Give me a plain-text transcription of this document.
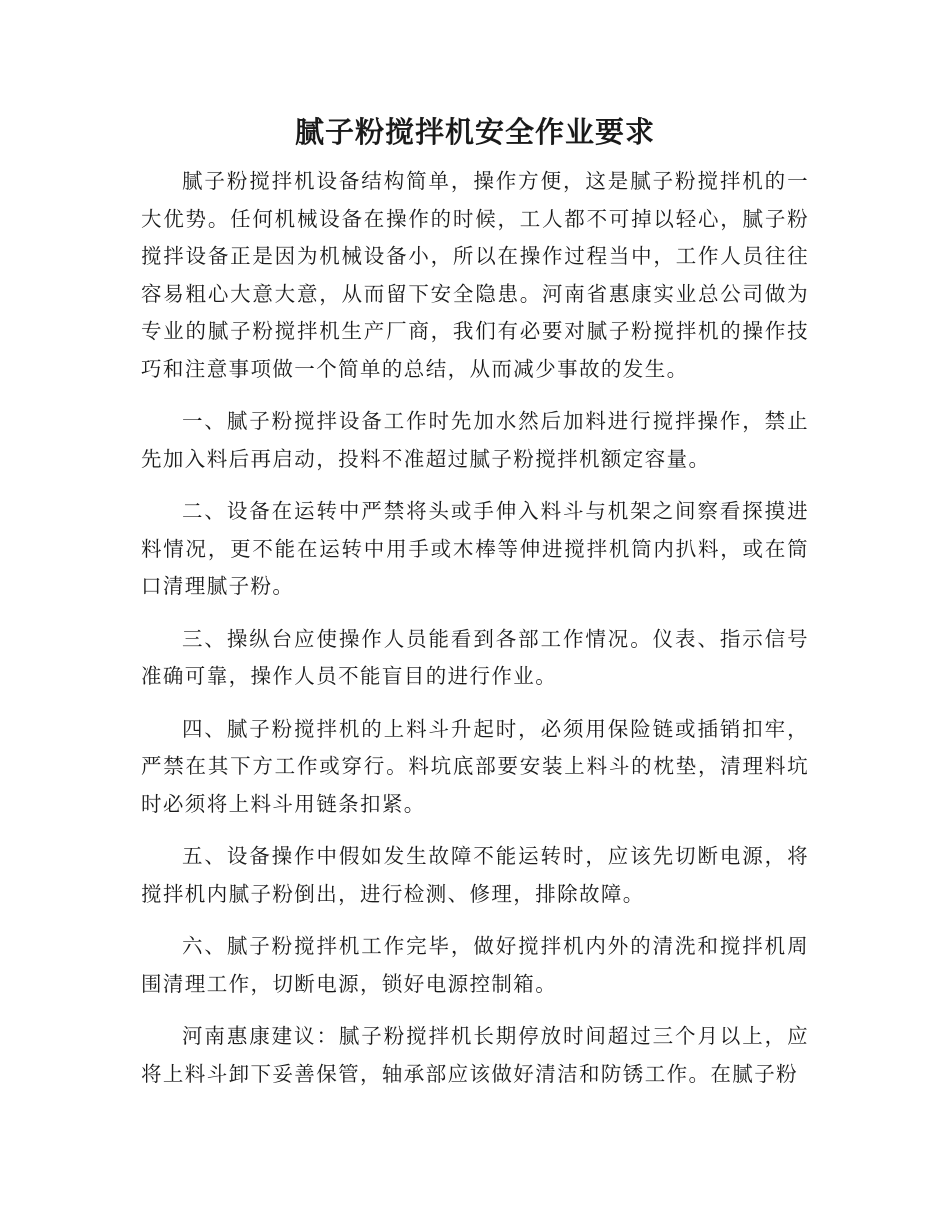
腻子粉搅拌机安全作业要求

腻子粉搅拌机设备结构简单，操作方便，这是腻子粉搅拌机的一大优势。任何机械设备在操作的时候，工人都不可掉以轻心，腻子粉搅拌设备正是因为机械设备小，所以在操作过程当中，工作人员往往容易粗心大意大意，从而留下安全隐患。河南省惠康实业总公司做为专业的腻子粉搅拌机生产厂商，我们有必要对腻子粉搅拌机的操作技巧和注意事项做一个简单的总结，从而减少事故的发生。

一、腻子粉搅拌设备工作时先加水然后加料进行搅拌操作，禁止先加入料后再启动，投料不准超过腻子粉搅拌机额定容量。

二、设备在运转中严禁将头或手伸入料斗与机架之间察看探摸进料情况，更不能在运转中用手或木棒等伸进搅拌机筒内扒料，或在筒口清理腻子粉。

三、操纵台应使操作人员能看到各部工作情况。仪表、指示信号准确可靠，操作人员不能盲目的进行作业。

四、腻子粉搅拌机的上料斗升起时，必须用保险链或插销扣牢，严禁在其下方工作或穿行。料坑底部要安装上料斗的枕垫，清理料坑时必须将上料斗用链条扣紧。

五、设备操作中假如发生故障不能运转时，应该先切断电源，将搅拌机内腻子粉倒出，进行检测、修理，排除故障。

六、腻子粉搅拌机工作完毕，做好搅拌机内外的清洗和搅拌机周围清理工作，切断电源，锁好电源控制箱。

河南惠康建议：腻子粉搅拌机长期停放时间超过三个月以上，应将上料斗卸下妥善保管，轴承部应该做好清洁和防锈工作。在腻子粉
